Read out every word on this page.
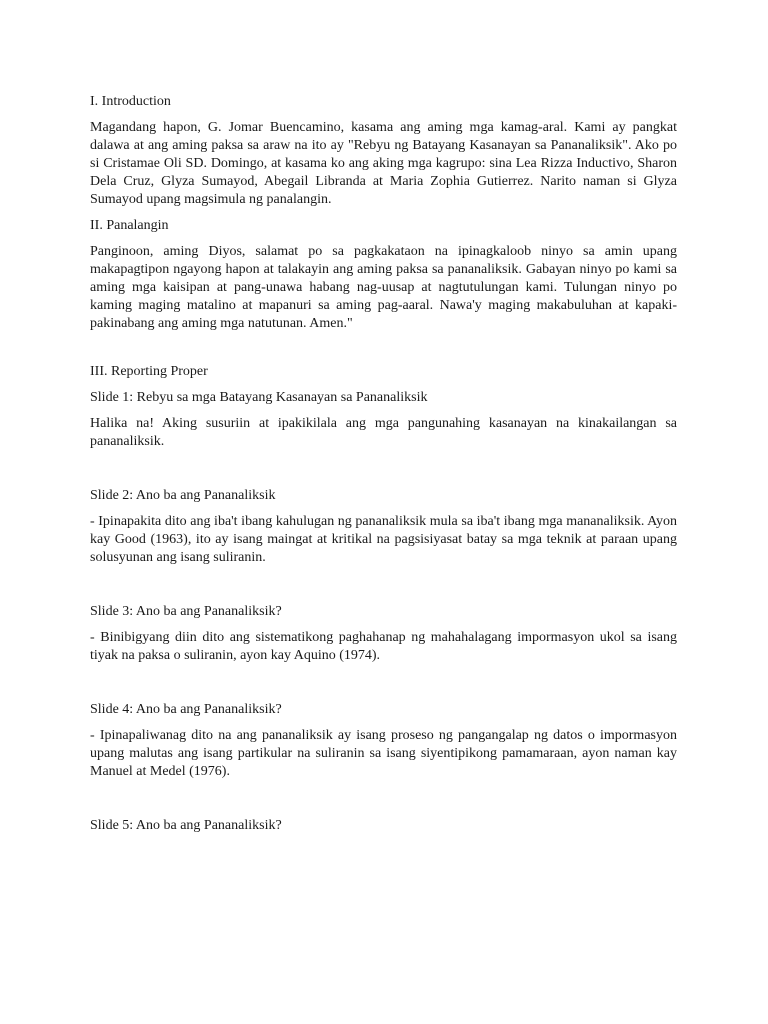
I. Introduction

Magandang hapon, G. Jomar Buencamino, kasama ang aming mga kamag-aral. Kami ay pangkat dalawa at ang aming paksa sa araw na ito ay "Rebyu ng Batayang Kasanayan sa Pananaliksik". Ako po si Cristamae Oli SD. Domingo, at kasama ko ang aking mga kagrupo: sina Lea Rizza Inductivo, Sharon Dela Cruz, Glyza Sumayod, Abegail Libranda at Maria Zophia Gutierrez. Narito naman si Glyza Sumayod upang magsimula ng panalangin.

II. Panalangin

Panginoon, aming Diyos, salamat po sa pagkakataon na ipinagkaloob ninyo sa amin upang makapagtipon ngayong hapon at talakayin ang aming paksa sa pananaliksik. Gabayan ninyo po kami sa aming mga kaisipan at pang-unawa habang nag-uusap at nagtutulungan kami. Tulungan ninyo po kaming maging matalino at mapanuri sa aming pag-aaral. Nawa'y maging makabuluhan at kapaki-pakinabang ang aming mga natutunan. Amen."

III. Reporting Proper

Slide 1: Rebyu sa mga Batayang Kasanayan sa Pananaliksik

Halika na! Aking susuriin at ipakikilala ang mga pangunahing kasanayan na kinakailangan sa pananaliksik.

Slide 2: Ano ba ang Pananaliksik

- Ipinapakita dito ang iba't ibang kahulugan ng pananaliksik mula sa iba't ibang mga mananaliksik. Ayon kay Good (1963), ito ay isang maingat at kritikal na pagsisiyasat batay sa mga teknik at paraan upang solusyunan ang isang suliranin.

Slide 3: Ano ba ang Pananaliksik?

- Binibigyang diin dito ang sistematikong paghahanap ng mahahalagang impormasyon ukol sa isang tiyak na paksa o suliranin, ayon kay Aquino (1974).

Slide 4: Ano ba ang Pananaliksik?

- Ipinapaliwanag dito na ang pananaliksik ay isang proseso ng pangangalap ng datos o impormasyon upang malutas ang isang partikular na suliranin sa isang siyentipikong pamamaraan, ayon naman kay Manuel at Medel (1976).

Slide 5: Ano ba ang Pananaliksik?
